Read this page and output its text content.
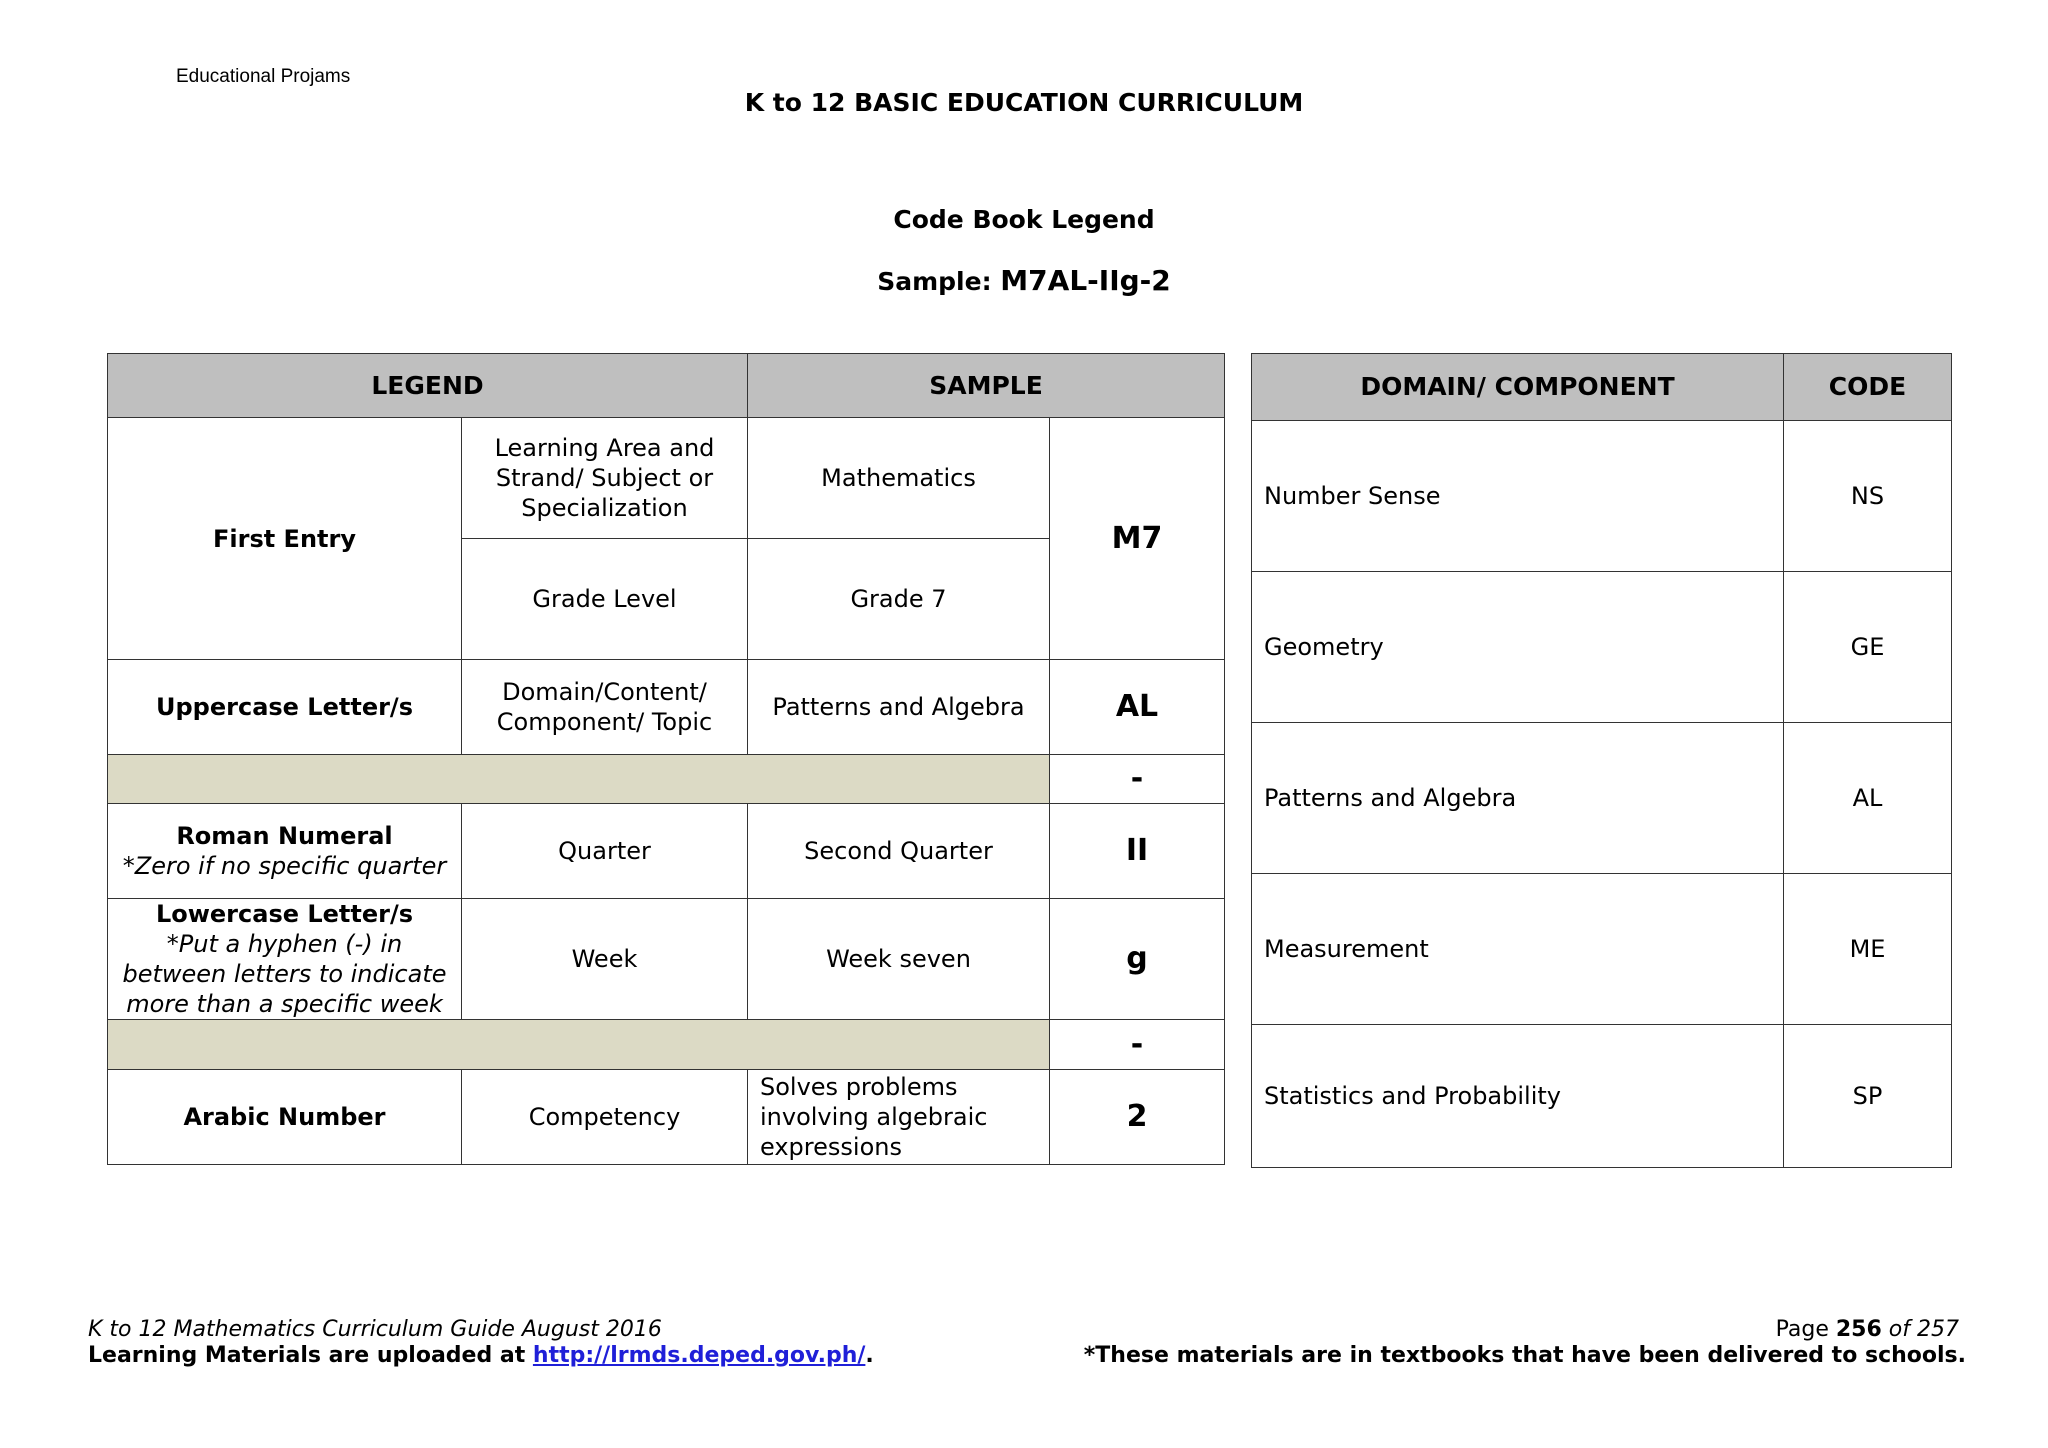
Educational Projams
K to 12 BASIC EDUCATION CURRICULUM
Code Book Legend
Sample: M7AL-IIg-2
LEGEND		SAMPLE	
First Entry	Learning Area and Strand/ Subject or Specialization	Mathematics	M7
	Grade Level	Grade 7	
Uppercase Letter/s	Domain/Content/ Component/ Topic	Patterns and Algebra	AL
			-

Roman Numeral
*Zero if no specific quarter	Quarter	Second Quarter	II

Lowercase Letter/s
*Put a hyphen (-) in between letters to indicate more than a specific week	Week	Week seven	g
			-
Arabic Number	Competency	Solves problems involving algebraic expressions	2
DOMAIN/ COMPONENT	CODE
Number Sense	NS
Geometry	GE
Patterns and Algebra	AL
Measurement	ME
Statistics and Probability	SP
K to 12 Mathematics Curriculum Guide August 2016
Learning Materials are uploaded at http://lrmds.deped.gov.ph/.
Page 256 of 257
*These materials are in textbooks that have been delivered to schools.
